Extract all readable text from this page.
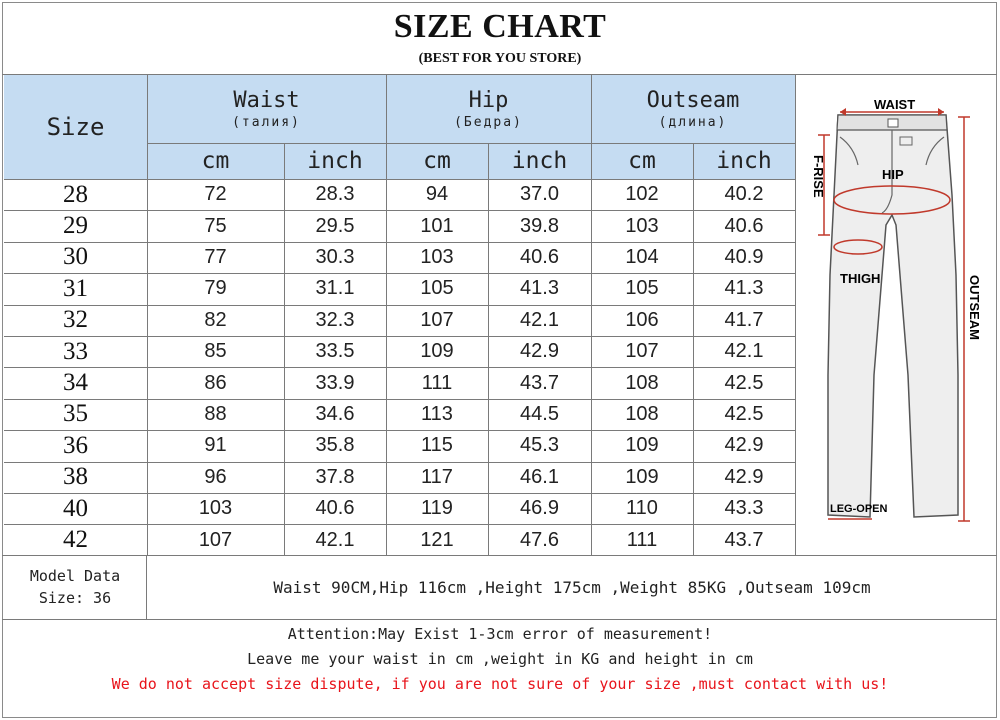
SIZE CHART
(BEST FOR YOU STORE)
Size
Waist
(талия)
Hip
(Бедра)
Outseam
(длина)
cm	inch	cm	inch	cm	inch
28	72	28.3	94	37.0	102	40.2
29	75	29.5	101	39.8	103	40.6
30	77	30.3	103	40.6	104	40.9
31	79	31.1	105	41.3	105	41.3
32	82	32.3	107	42.1	106	41.7
33	85	33.5	109	42.9	107	42.1
34	86	33.9	111	43.7	108	42.5
35	88	34.6	113	44.5	108	42.5
36	91	35.8	115	45.3	109	42.9
38	96	37.8	117	46.1	109	42.9
40	103	40.6	119	46.9	110	43.3
42	107	42.1	121	47.6	111	43.7
WAIST
HIP
THIGH
LEG-OPEN
F-RISE
OUTSEAM
Model Data
Size: 36
Waist 90CM,Hip 116cm ,Height 175cm ,Weight 85KG ,Outseam 109cm
Attention:May Exist 1-3cm error of measurement!
Leave me your waist in cm ,weight in KG and height in cm
We do not accept size dispute, if you are not sure of your size ,must contact with us!
